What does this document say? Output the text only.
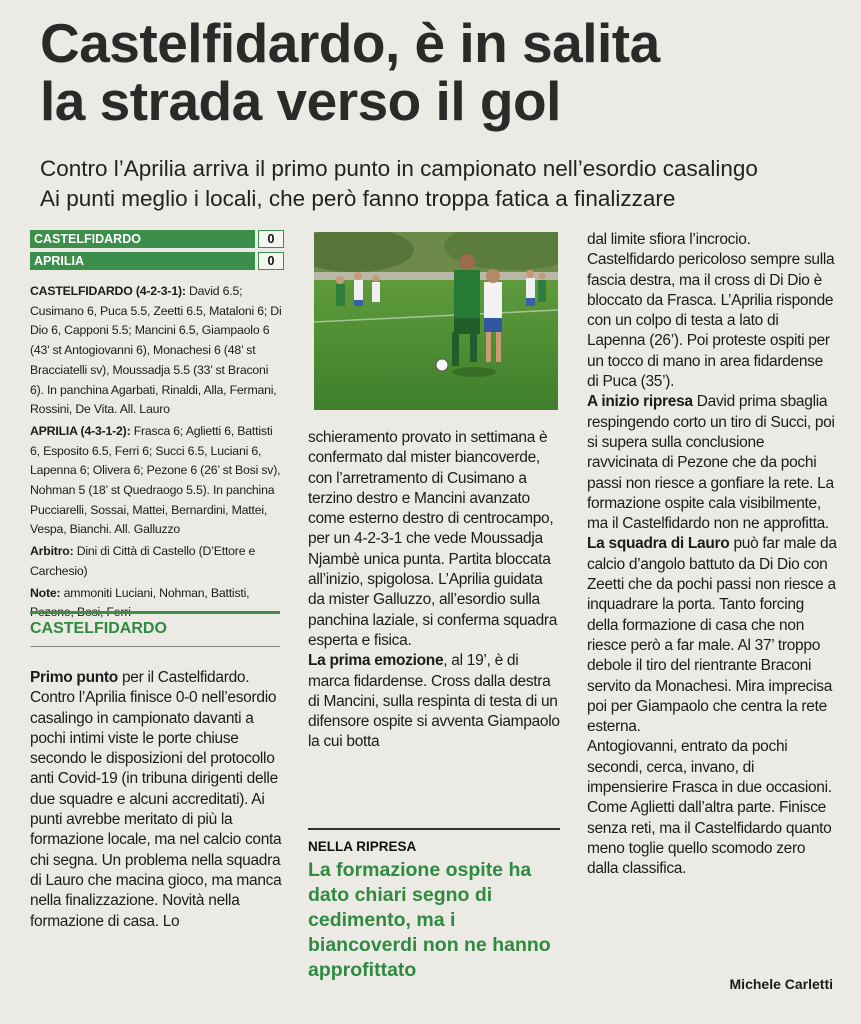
Castelfidardo, è in salita
la strada verso il gol
Contro l’Aprilia arriva il primo punto in campionato nell’esordio casalingo
Ai punti meglio i locali, che però fanno troppa fatica a finalizzare
CASTELFIDARDO	0
APRILIA	0

CASTELFIDARDO (4-2-3-1): David 6.5; Cusimano 6, Puca 5.5, Zeetti 6.5, Mataloni 6; Di Dio 6, Capponi 5.5; Mancini 6.5, Giampaolo 6 (43’ st Antogiovanni 6), Monachesi 6 (48’ st Bracciatelli sv), Moussadja 5.5 (33’ st Braconi 6). In panchina Agarbati, Rinaldi, Alla, Fermani, Rossini, De Vita. All. Lauro

APRILIA (4-3-1-2): Frasca 6; Aglietti 6, Battisti 6, Esposito 6.5, Ferri 6; Succi 6.5, Luciani 6, Lapenna 6; Olivera 6; Pezone 6 (26’ st Bosi sv), Nohman 5 (18’ st Quedraogo 5.5). In panchina Pucciarelli, Sossai, Mattei, Bernardini, Mattei, Vespa, Bianchi. All. Galluzzo

Arbitro: Dini di Città di Castello (D’Ettore e Carchesio)

Note: ammoniti Luciani, Nohman, Battisti,

CASTELFIDARDO

Primo punto per il Castelfidardo. Contro l’Aprilia finisce 0-0 nell’esordio casalingo in campionato davanti a pochi intimi viste le porte chiuse secondo le disposizioni del protocollo anti Covid-19 (in tribuna dirigenti delle due squadre e alcuni accreditati). Ai punti avrebbe meritato di più la formazione locale, ma nel calcio conta chi segna. Un problema nella squadra di Lauro che macina gioco, ma manca nella finalizzazione. Novità nella formazione di casa. Lo

schieramento provato in settimana è confermato dal mister biancoverde, con l’arretramento di Cusimano a terzino destro e Mancini avanzato come esterno destro di centrocampo, per un 4-2-3-1 che vede Moussadja Njambè unica punta. Partita bloccata all’inizio, spigolosa. L’Aprilia guidata da mister Galluzzo, all’esordio sulla panchina laziale, si conferma squadra esperta e fisica.

La prima emozione, al 19’, è di marca fidardense. Cross dalla destra di Mancini, sulla respinta di testa di un difensore ospite si avventa Giampaolo la cui botta

NELLA RIPRESA
La formazione ospite ha dato chiari segno di cedimento, ma i biancoverdi non ne hanno approfittato

dal limite sfiora l’incrocio. Castelfidardo pericoloso sempre sulla fascia destra, ma il cross di Di Dio è bloccato da Frasca. L’Aprilia risponde con un colpo di testa a lato di Lapenna (26’). Poi proteste ospiti per un tocco di mano in area fidardense di Puca (35’).

A inizio ripresa David prima sbaglia respingendo corto un tiro di Succi, poi si supera sulla conclusione ravvicinata di Pezone che da pochi passi non riesce a gonfiare la rete. La formazione ospite cala visibilmente, ma il Castelfidardo non ne approfitta.

La squadra di Lauro può far male da calcio d’angolo battuto da Di Dio con Zeetti che da pochi passi non riesce a inquadrare la porta. Tanto forcing della formazione di casa che non riesce però a far male. Al 37’ troppo debole il tiro del rientrante Braconi servito da Monachesi. Mira imprecisa poi per Giampaolo che centra la rete esterna.

Antogiovanni, entrato da pochi secondi, cerca, invano, di impensierire Frasca in due occasioni. Come Aglietti dall’altra parte. Finisce senza reti, ma il Castelfidardo quanto meno toglie quello scomodo zero dalla classifica.

Michele Carletti
